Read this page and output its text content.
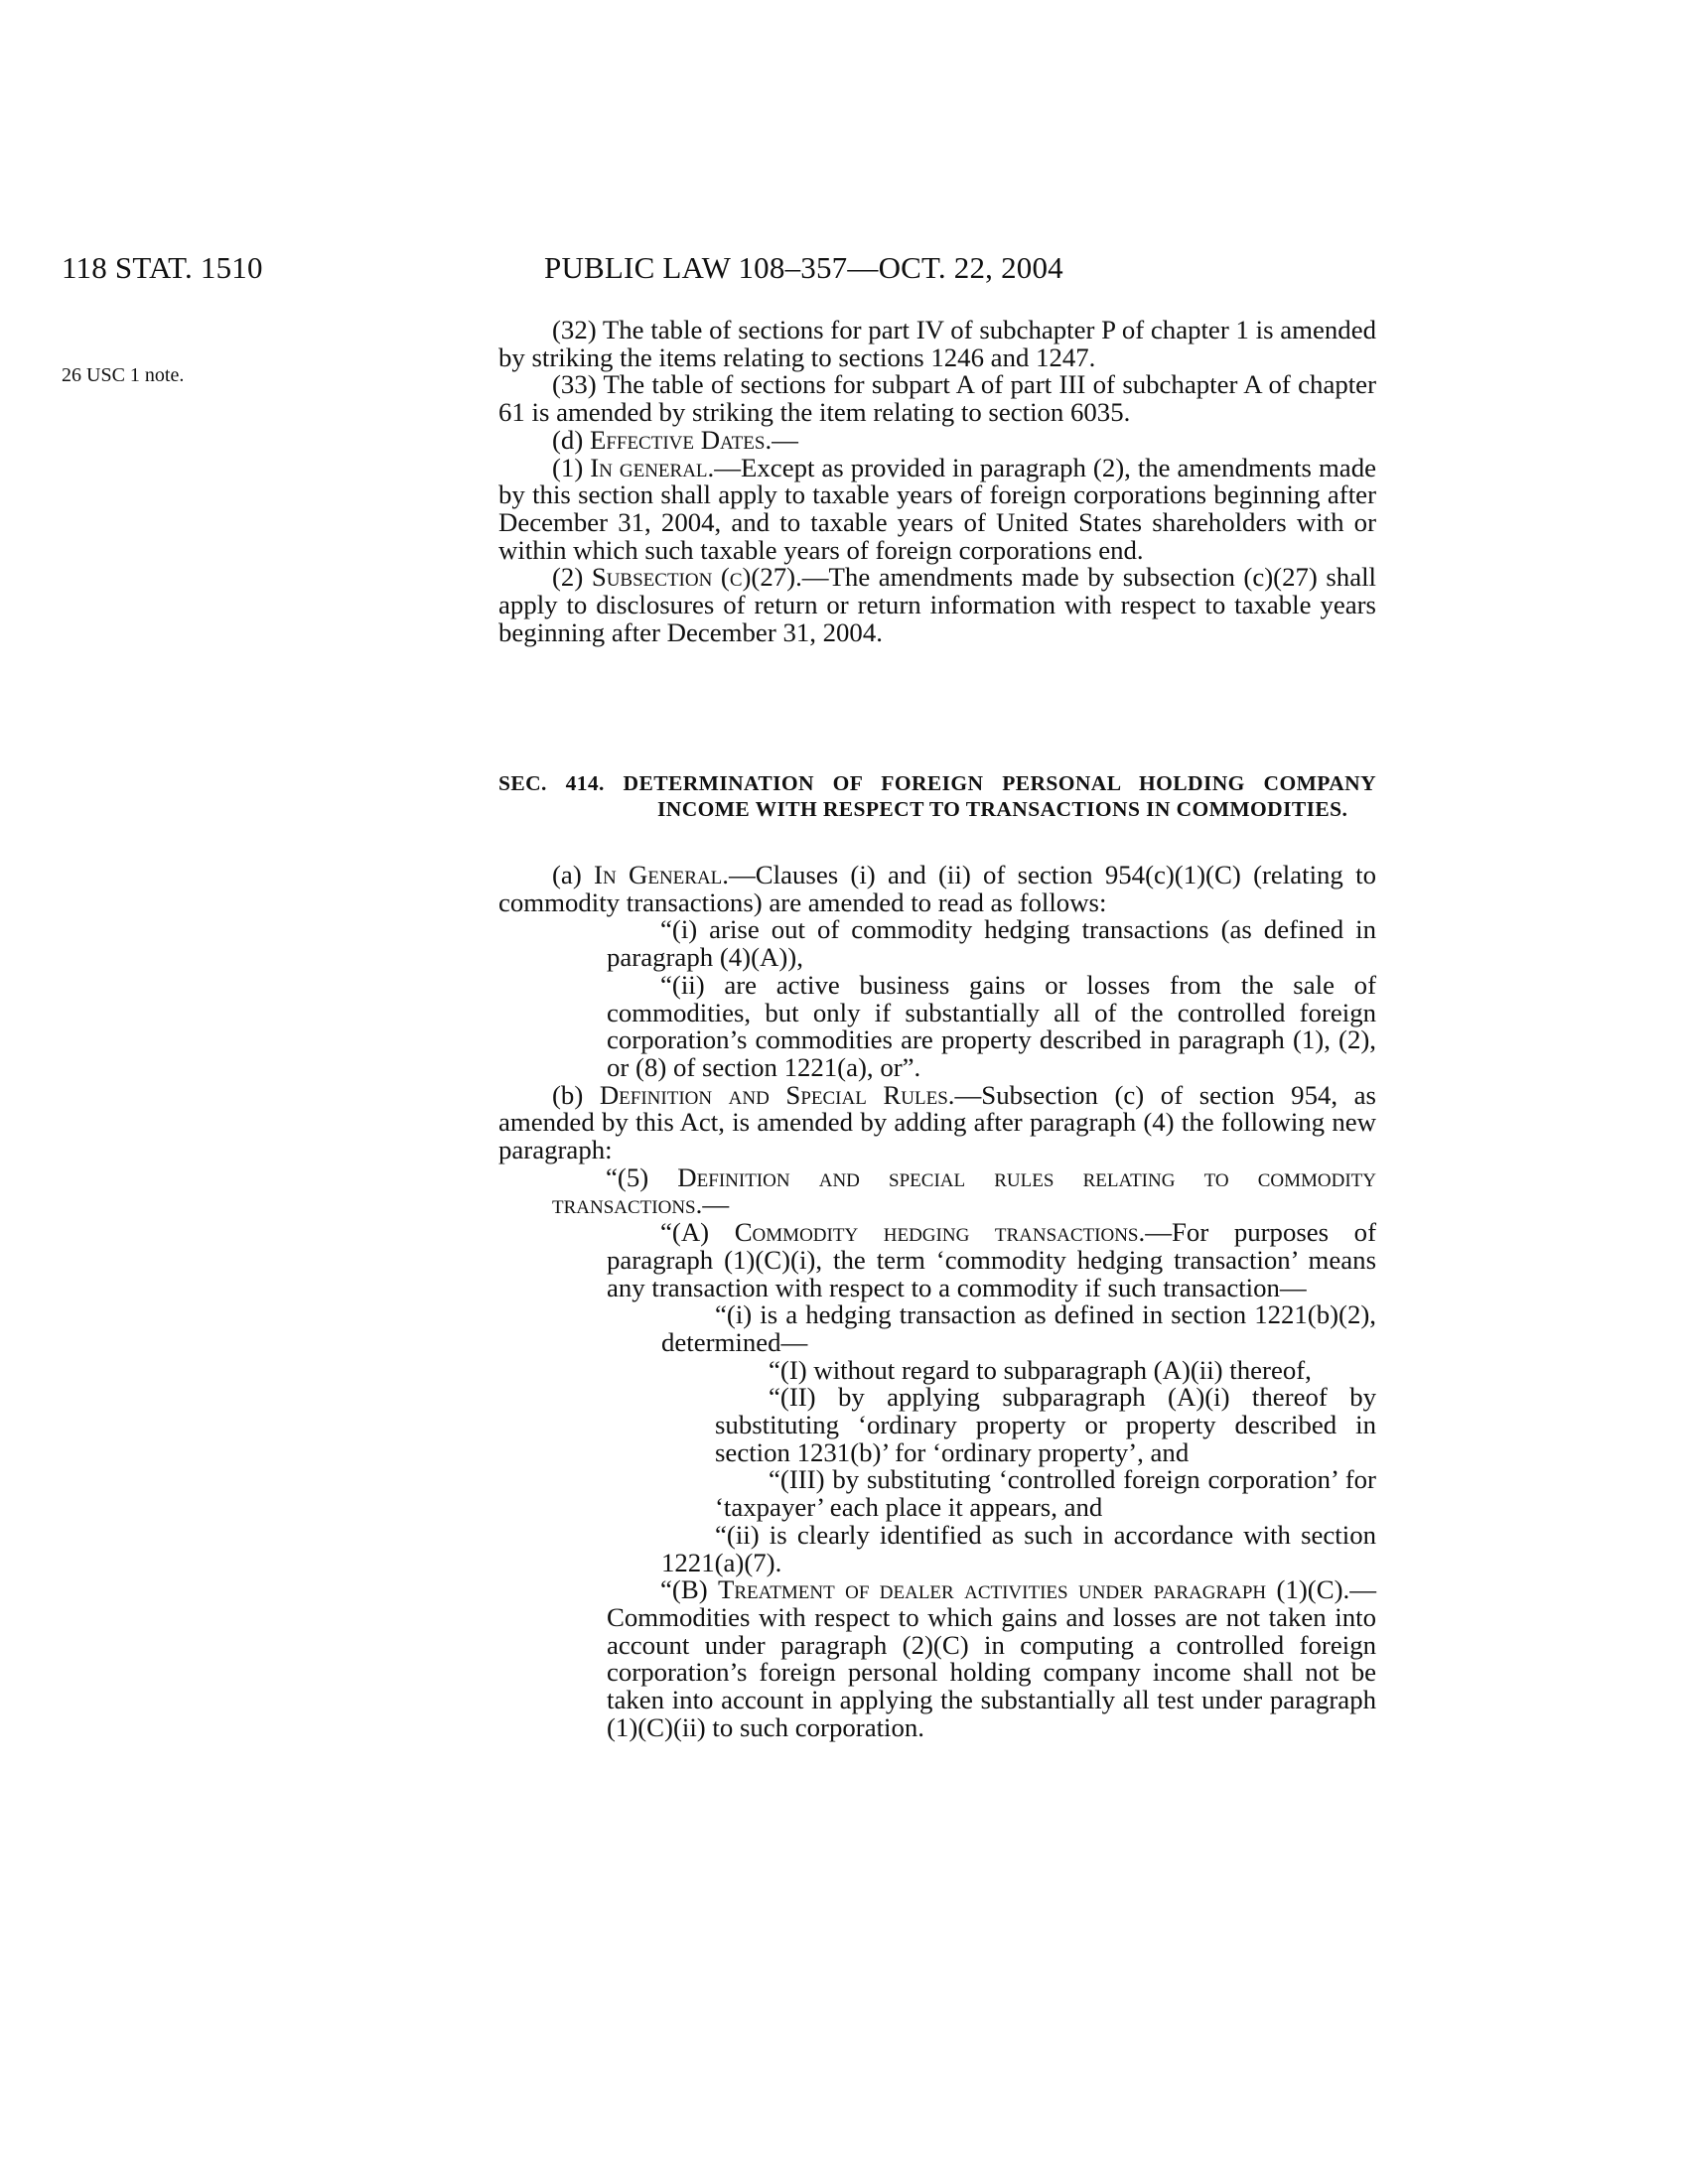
118 STAT. 1510	PUBLIC LAW 108–357—OCT. 22, 2004
26 USC 1 note.

(32) The table of sections for part IV of subchapter P of chapter 1 is amended by striking the items relating to sections 1246 and 1247.

(33) The table of sections for subpart A of part III of subchapter A of chapter 61 is amended by striking the item relating to section 6035.

(d) Effective Dates.—

(1) In general.—Except as provided in paragraph (2), the amendments made by this section shall apply to taxable years of foreign corporations beginning after December 31, 2004, and to taxable years of United States shareholders with or within which such taxable years of foreign corporations end.

(2) Subsection (c)(27).—The amendments made by subsection (c)(27) shall apply to disclosures of return or return information with respect to taxable years beginning after December 31, 2004.

SEC. 414. DETERMINATION OF FOREIGN PERSONAL HOLDING COMPANY INCOME WITH RESPECT TO TRANSACTIONS IN COMMODITIES.

(a) In General.—Clauses (i) and (ii) of section 954(c)(1)(C) (relating to commodity transactions) are amended to read as follows:

“(i) arise out of commodity hedging transactions (as defined in paragraph (4)(A)),

“(ii) are active business gains or losses from the sale of commodities, but only if substantially all of the controlled foreign corporation’s commodities are property described in paragraph (1), (2), or (8) of section 1221(a), or”.

(b) Definition and Special Rules.—Subsection (c) of section 954, as amended by this Act, is amended by adding after paragraph (4) the following new paragraph:

“(5) Definition and special rules relating to commodity transactions.—

“(A) Commodity hedging transactions.—For purposes of paragraph (1)(C)(i), the term ‘commodity hedging transaction’ means any transaction with respect to a commodity if such transaction—

“(i) is a hedging transaction as defined in section 1221(b)(2), determined—

“(I) without regard to subparagraph (A)(ii) thereof,

“(II) by applying subparagraph (A)(i) thereof by substituting ‘ordinary property or property described in section 1231(b)’ for ‘ordinary property’, and

“(III) by substituting ‘controlled foreign corporation’ for ‘taxpayer’ each place it appears, and

“(ii) is clearly identified as such in accordance with section 1221(a)(7).

“(B) Treatment of dealer activities under paragraph (1)(C).—Commodities with respect to which gains and losses are not taken into account under paragraph (2)(C) in computing a controlled foreign corporation’s foreign personal holding company income shall not be taken into account in applying the substantially all test under paragraph (1)(C)(ii) to such corporation.
